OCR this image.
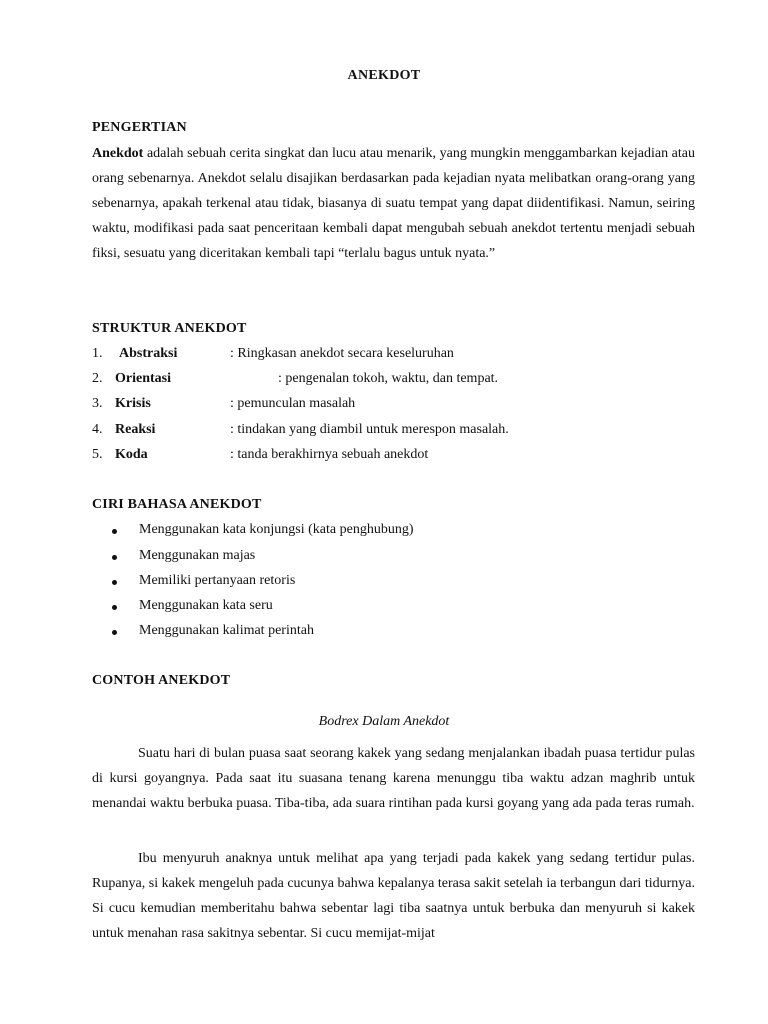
ANEKDOT
PENGERTIAN
Anekdot adalah sebuah cerita singkat dan lucu atau menarik, yang mungkin menggambarkan kejadian atau orang sebenarnya. Anekdot selalu disajikan berdasarkan pada kejadian nyata melibatkan orang-orang yang sebenarnya, apakah terkenal atau tidak, biasanya di suatu tempat yang dapat diidentifikasi. Namun, seiring waktu, modifikasi pada saat penceritaan kembali dapat mengubah sebuah anekdot tertentu menjadi sebuah fiksi, sesuatu yang diceritakan kembali tapi “terlalu bagus untuk nyata.”
STRUKTUR ANEKDOT
1. Abstraksi	: Ringkasan anekdot secara keseluruhan
2. Orientasi	: pengenalan tokoh, waktu, dan tempat.
3. Krisis	: pemunculan masalah
4. Reaksi	: tindakan yang diambil untuk merespon masalah.
5. Koda	: tanda berakhirnya sebuah anekdot
CIRI BAHASA ANEKDOT
Menggunakan kata konjungsi (kata penghubung)
Menggunakan majas
Memiliki pertanyaan retoris
Menggunakan kata seru
Menggunakan kalimat perintah
CONTOH ANEKDOT
Bodrex Dalam Anekdot
Suatu hari di bulan puasa saat seorang kakek yang sedang menjalankan ibadah puasa tertidur pulas di kursi goyangnya. Pada saat itu suasana tenang karena menunggu tiba waktu adzan maghrib untuk menandai waktu berbuka puasa. Tiba-tiba, ada suara rintihan pada kursi goyang yang ada pada teras rumah.
Ibu menyuruh anaknya untuk melihat apa yang terjadi pada kakek yang sedang tertidur pulas. Rupanya, si kakek mengeluh pada cucunya bahwa kepalanya terasa sakit setelah ia terbangun dari tidurnya. Si cucu kemudian memberitahu bahwa sebentar lagi tiba saatnya untuk berbuka dan menyuruh si kakek untuk menahan rasa sakitnya sebentar. Si cucu memijat-mijat
